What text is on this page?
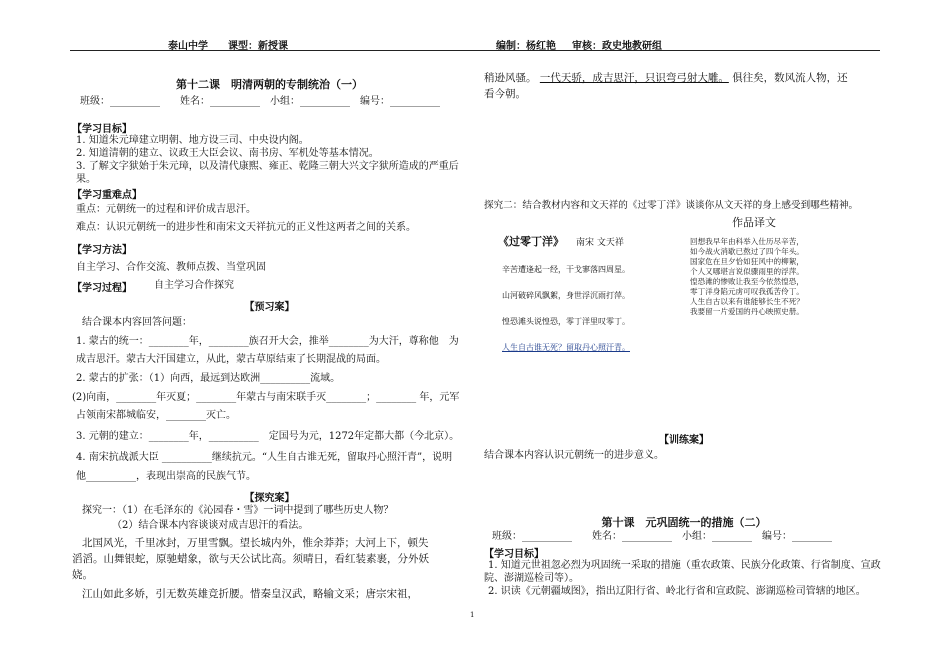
泰山中学 课型：新授课	编制：杨红艳 审核：政史地教研组
第十二课　明清两朝的专制统治（一）
班级：__________　　姓名：__________　小组：__________　编号：__________
【学习目标】
1. 知道朱元璋建立明朝、地方设三司、中央设内阁。
2. 知道清朝的建立、议政王大臣会议、南书房、军机处等基本情况。
3. 了解文字狱始于朱元璋，以及清代康熙、雍正、乾隆三朝大兴文字狱所造成的严重后
果。
【学习重难点】
重点：元朝统一的过程和评价成吉思汗。
难点：认识元朝统一的进步性和南宋文天祥抗元的正义性这两者之间的关系。
【学习方法】
自主学习、合作交流、教师点拨、当堂巩固
【学习过程】 自主学习合作探究
【预习案】
结合课本内容回答问题：
1. 蒙古的统一：________年，________族召开大会，推举________为大汗，尊称他　为
成吉思汗。蒙古大汗国建立，从此，蒙古草原结束了长期混战的局面。
2. 蒙古的扩张：（1）向西，最远到达欧洲__________流域。
(2)向南，________年灭夏；________年蒙古与南宋联手灭________；________ 年，元军
占领南宋都城临安，________灭亡。
3. 元朝的建立：________年，__________　定国号为元，1272年定都大都（今北京）。
4. 南宋抗战派大臣 __________继续抗元。“人生自古谁无死，留取丹心照汗青”，说明
他__________，表现出崇高的民族气节。
【探究案】
探究一：（1）在毛泽东的《沁园春・雪》一词中提到了哪些历史人物？
（2）结合课本内容谈谈对成吉思汗的看法。
北国风光，千里冰封，万里雪飘。望长城内外，惟余莽莽；大河上下，顿失
滔滔。山舞银蛇，原驰蜡象，欲与天公试比高。须晴日，看红装素裹，分外妖
娆。
江山如此多娇，引无数英雄竞折腰。惜秦皇汉武，略输文采；唐宗宋祖，
稍逊风骚。 一代天骄，成吉思汗，只识弯弓射大雕。 俱往矣，数风流人物，还
看今朝。
探究二：结合教材内容和文天祥的《过零丁洋》谈谈你从文天祥的身上感受到哪些精神。
作品译文
《过零丁洋》 南宋 文天祥
辛苦遭逢起一经，干戈寥落四周星。
山河破碎风飘絮，身世浮沉雨打萍。
惶恐滩头说惶恐，零丁洋里叹零丁。
人生自古谁无死？留取丹心照汗青。
回想我早年由科举入仕历尽辛苦，
如今战火消歇已熬过了四个年头。
国家危在旦夕恰如狂风中的柳絮，
个人又哪堪言说似骤雨里的浮萍。
惶恐滩的惨败让我至今依然惶恐，
零丁洋身陷元虏可叹我孤苦伶丁。
人生自古以来有谁能够长生不死？
我要留一片爱国的丹心映照史册。
【训练案】
结合课本内容认识元朝统一的进步意义。
第十课　元巩固统一的措施（二）
班级：__________　　姓名：__________　小组：________　编号：________
【学习目标】
1. 知道元世祖忽必烈为巩固统一采取的措施（重农政策、民族分化政策、行省制度、宣政
院、澎湖巡检司等）。
2. 识读《元朝疆域图》，指出辽阳行省、岭北行省和宣政院、澎湖巡检司管辖的地区。
1
